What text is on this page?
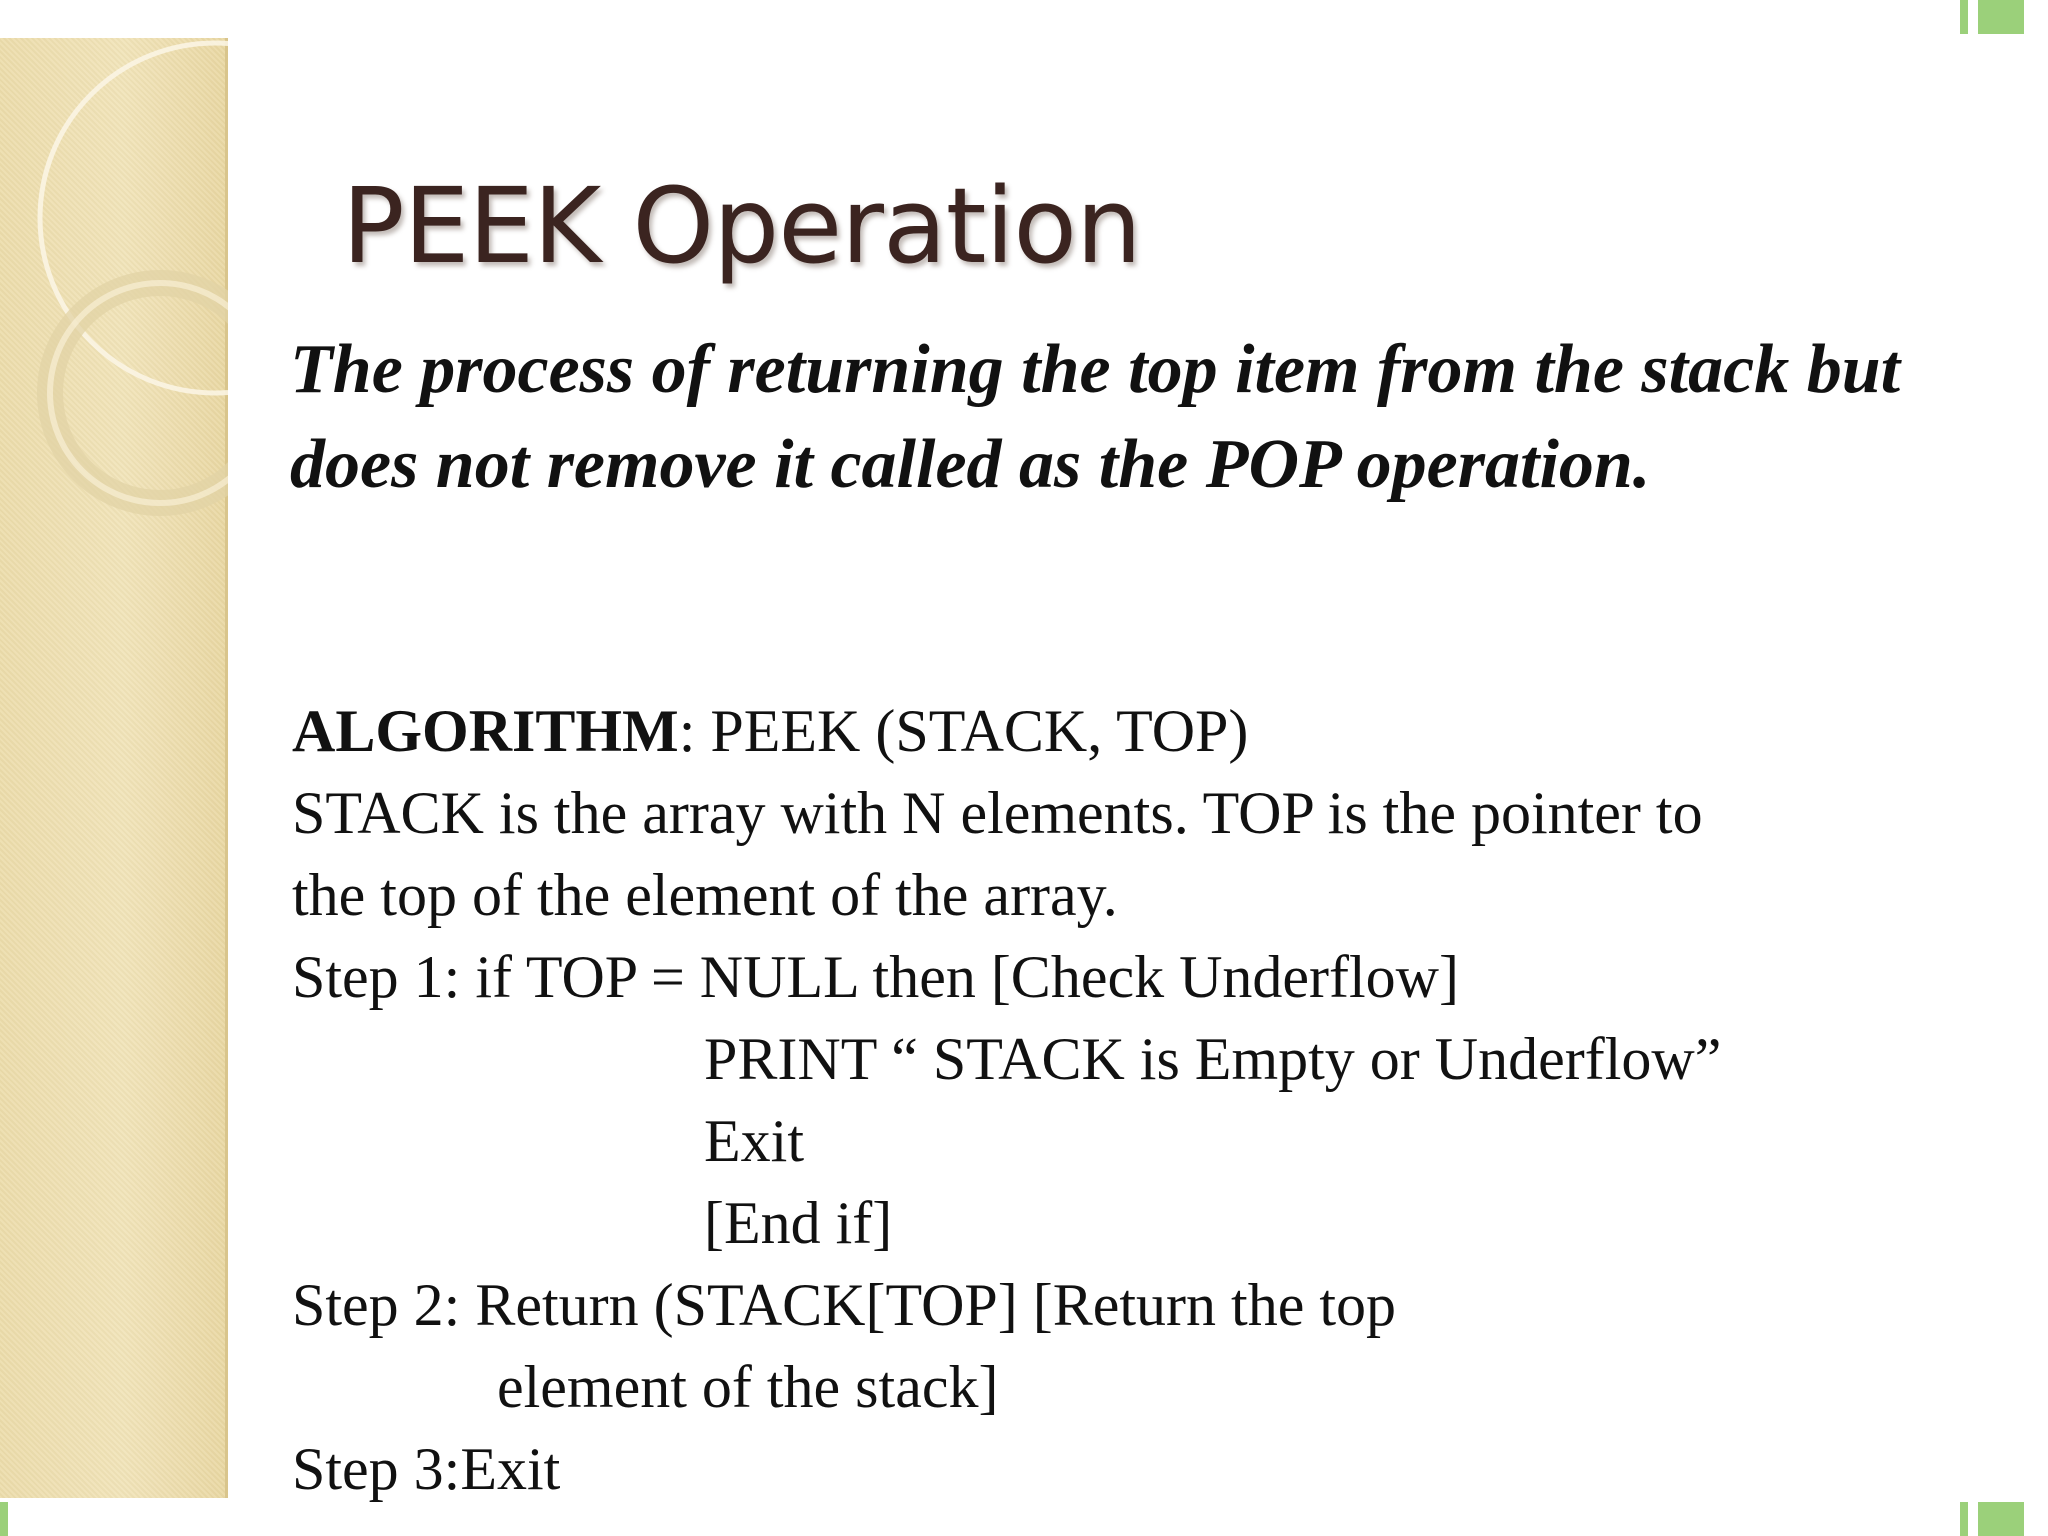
PEEK Operation

The process of returning the top item from the stack but does not remove it called as the POP operation.

ALGORITHM: PEEK (STACK, TOP)
STACK is the array with N elements. TOP is the pointer to
the top of the element of the array.
Step 1: if TOP = NULL then [Check Underflow]
PRINT “ STACK is Empty or Underflow”
Exit
[End if]
Step 2: Return (STACK[TOP] [Return the top
element of the stack]
Step 3:Exit
